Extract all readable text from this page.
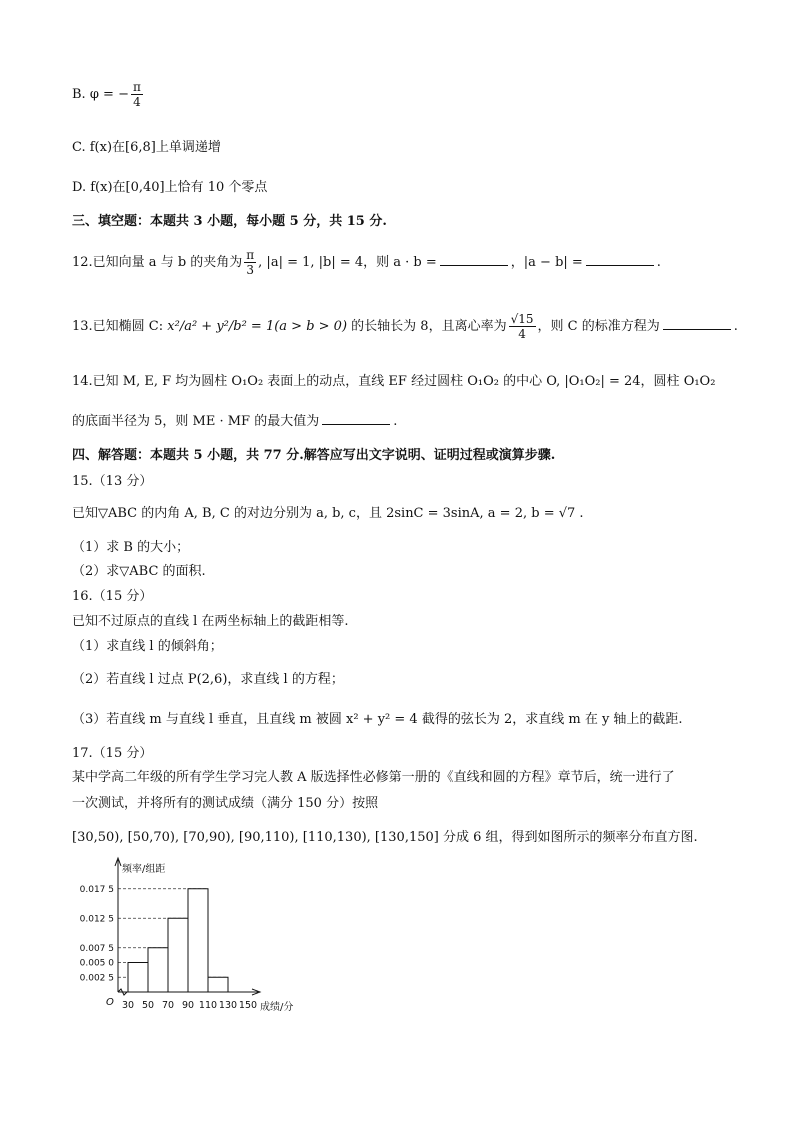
B. φ = − $\frac{\pi}{4}$
C. f(x)在[6,8]上单调递增
D. f(x)在[0,40]上恰有 10 个零点
三、填空题：本题共 3 小题，每小题 5 分，共 15 分.
12.已知向量 a 与 b 的夹角为 $\frac{\pi}{3}$ , |a| = 1, |b| = 4，则 a · b =	，|a − b| =	.
13.已知椭圆 C: x²/a² + y²/b² = 1(a > b > 0) 的长轴长为 8，且离心率为 $\frac{√15}{4}$ ，则 C 的标准方程为	.
14.已知 M, E, F 均为圆柱 O₁O₂ 表面上的动点，直线 EF 经过圆柱 O₁O₂ 的中心 O, |O₁O₂| = 24，圆柱 O₁O₂
的底面半径为 5，则 ME · MF 的最大值为	.
四、解答题：本题共 5 小题，共 77 分.解答应写出文字说明、证明过程或演算步骤.
15.（13 分）
已知▽ABC 的内角 A, B, C 的对边分别为 a, b, c，且 2sinC = 3sinA, a = 2, b = √7 .
（1）求 B 的大小；
（2）求▽ABC 的面积.
16.（15 分）
已知不过原点的直线 l 在两坐标轴上的截距相等.
（1）求直线 l 的倾斜角；
（2）若直线 l 过点 P(2,6)，求直线 l 的方程；
（3）若直线 m 与直线 l 垂直，且直线 m 被圆 x² + y² = 4 截得的弦长为 2，求直线 m 在 y 轴上的截距.
17.（15 分）
某中学高二年级的所有学生学习完人教 A 版选择性必修第一册的《直线和圆的方程》章节后，统一进行了
一次测试，并将所有的测试成绩（满分 150 分）按照
[30,50), [50,70), [70,90), [90,110), [110,130), [130,150] 分成 6 组，得到如图所示的频率分布直方图.
0.002 5
0.005 0
0.007 5
0.012 5
0.017 5
频率/组距
成绩/分
O 30 50 70 90 110 130 150
